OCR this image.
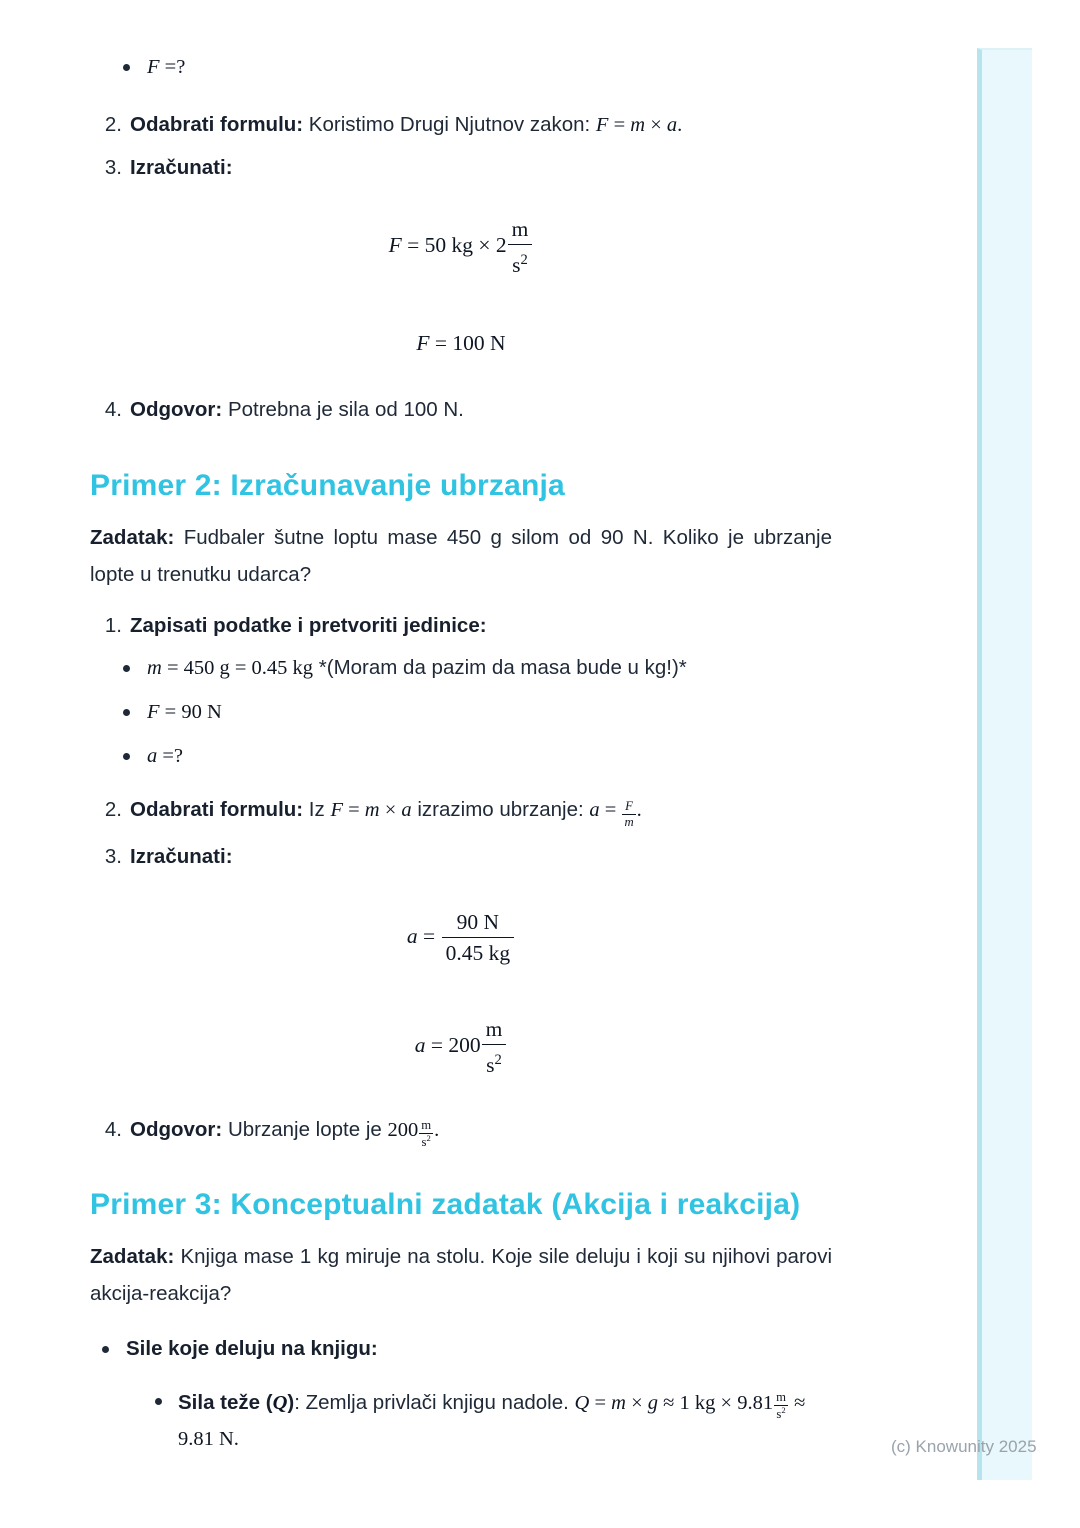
(c) Knowunity 2025
F =?
2. Odabrati formulu: Koristimo Drugi Njutnov zakon: F = m × a.
3. Izračunati:
F = 50 kg × $2 \frac{m}{s^2}$
F = 100 N
4. Odgovor: Potrebna je sila od 100 N.
Primer 2: Izračunavanje ubrzanja

Zadatak: Fudbaler šutne loptu mase 450 g silom od 90 N. Koliko je ubrzanje lopte u trenutku udarca?

1. Zapisati podatke i pretvoriti jedinice:
m = 450 g = 0.45 kg *(Moram da pazim da masa bude u kg!)*
F = 90 N
a =?
2. Odabrati formulu: Iz F = m × a izrazimo ubrzanje: $a = \frac{F}{m}$ .
3. Izračunati:
$a = \frac{90 N}{0.45 kg}$
$a = 200 \frac{m}{s^2}$
4. Odgovor: Ubrzanje lopte je $200 \frac{m}{s^2}$ .
Primer 3: Konceptualni zadatak (Akcija i reakcija)

Zadatak: Knjiga mase 1 kg miruje na stolu. Koje sile deluju i koji su njihovi parovi akcija-reakcija?

Sile koje deluju na knjigu:
Sila teže (Q): Zemlja privlači knjigu nadole. Q = m × g ≈ 1 kg × $9.81 \frac{m}{s^2} \approx 9.81$ N.
